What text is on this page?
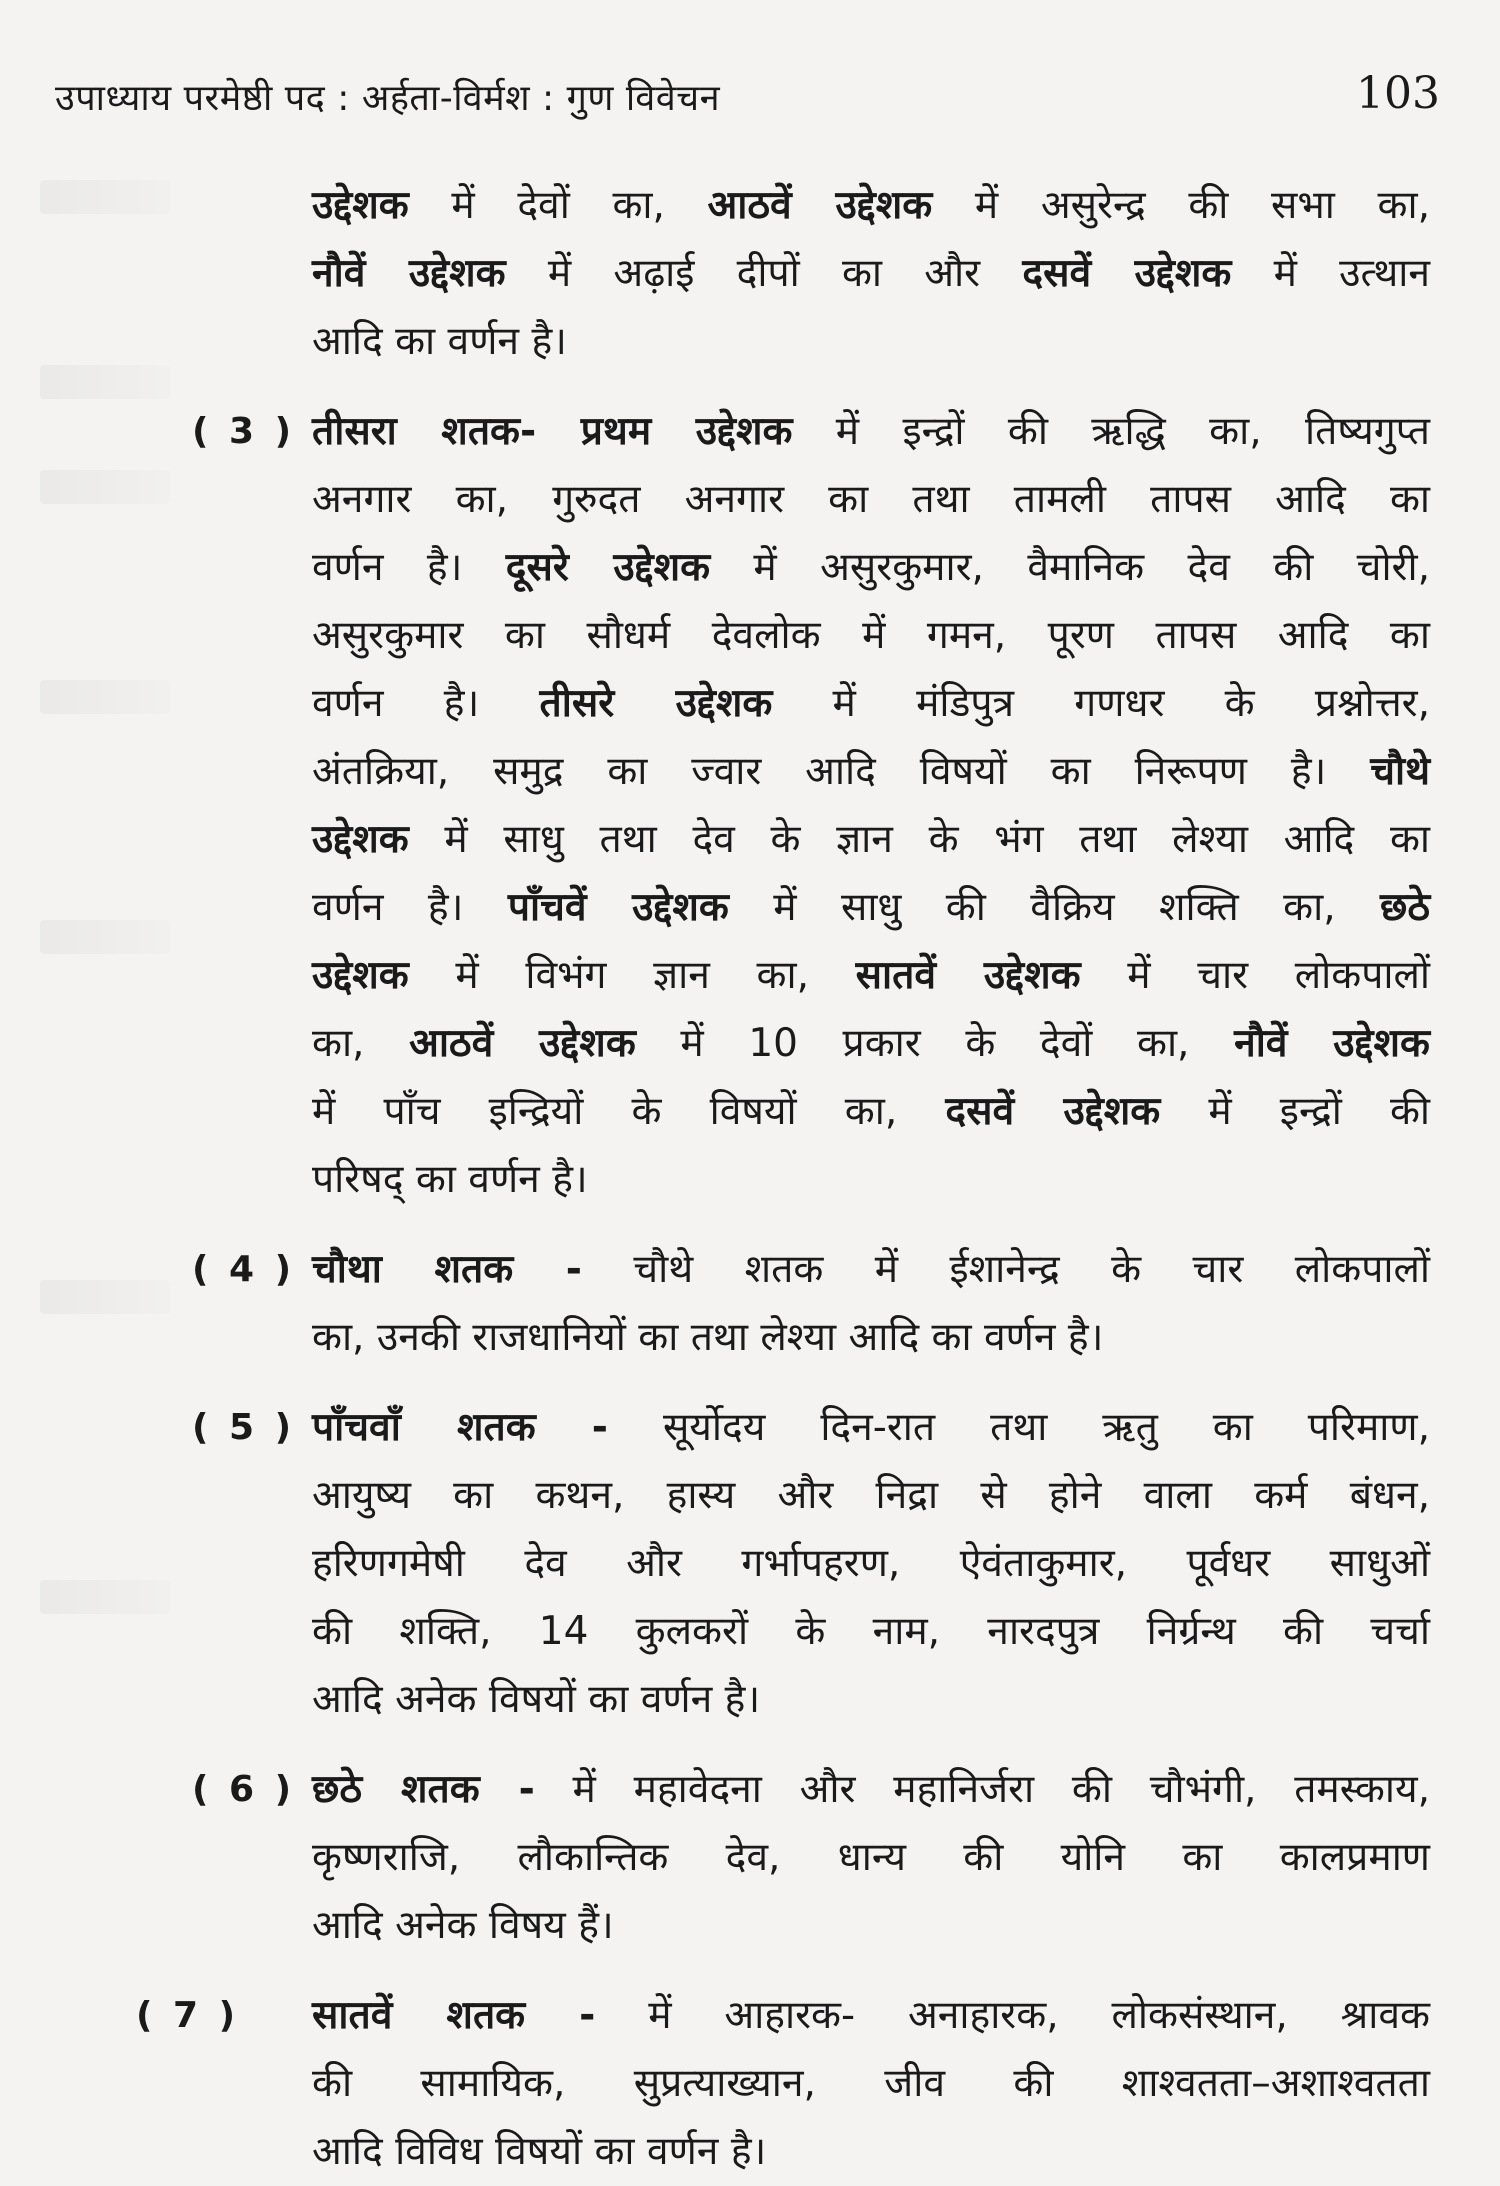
उपाध्याय परमेष्ठी पद : अर्हता-विर्मश : गुण विवेचन	103
उद्देशक में देवों का, आठवें उद्देशक में असुरेन्द्र की सभा का,
नौवें उद्देशक में अढ़ाई दीपों का और दसवें उद्देशक में उत्थान
आदि का वर्णन है।
( 3 ) तीसरा शतक- प्रथम उद्देशक में इन्द्रों की ऋद्धि का, तिष्यगुप्त
अनगार का, गुरुदत अनगार का तथा तामली तापस आदि का
वर्णन है। दूसरे उद्देशक में असुरकुमार, वैमानिक देव की चोरी,
असुरकुमार का सौधर्म देवलोक में गमन, पूरण तापस आदि का
वर्णन है। तीसरे उद्देशक में मंडिपुत्र गणधर के प्रश्नोत्तर,
अंतक्रिया, समुद्र का ज्वार आदि विषयों का निरूपण है। चौथे
उद्देशक में साधु तथा देव के ज्ञान के भंग तथा लेश्या आदि का
वर्णन है। पाँचवें उद्देशक में साधु की वैक्रिय शक्ति का, छठे
उद्देशक में विभंग ज्ञान का, सातवें उद्देशक में चार लोकपालों
का, आठवें उद्देशक में 10 प्रकार के देवों का, नौवें उद्देशक
में पाँच इन्द्रियों के विषयों का, दसवें उद्देशक में इन्द्रों की
परिषद् का वर्णन है।
( 4 ) चौथा शतक - चौथे शतक में ईशानेन्द्र के चार लोकपालों
का, उनकी राजधानियों का तथा लेश्या आदि का वर्णन है।
( 5 ) पाँचवाँ शतक - सूर्योदय दिन-रात तथा ऋतु का परिमाण,
आयुष्य का कथन, हास्य और निद्रा से होने वाला कर्म बंधन,
हरिणगमेषी देव और गर्भापहरण, ऐवंताकुमार, पूर्वधर साधुओं
की शक्ति, 14 कुलकरों के नाम, नारदपुत्र निर्ग्रन्थ की चर्चा
आदि अनेक विषयों का वर्णन है।
( 6 ) छठे शतक - में महावेदना और महानिर्जरा की चौभंगी, तमस्काय,
कृष्णराजि, लौकान्तिक देव, धान्य की योनि का कालप्रमाण
आदि अनेक विषय हैं।
( 7 ) सातवें शतक - में आहारक- अनाहारक, लोकसंस्थान, श्रावक
की सामायिक, सुप्रत्याख्यान, जीव की शाश्वतता–अशाश्वतता
आदि विविध विषयों का वर्णन है।
